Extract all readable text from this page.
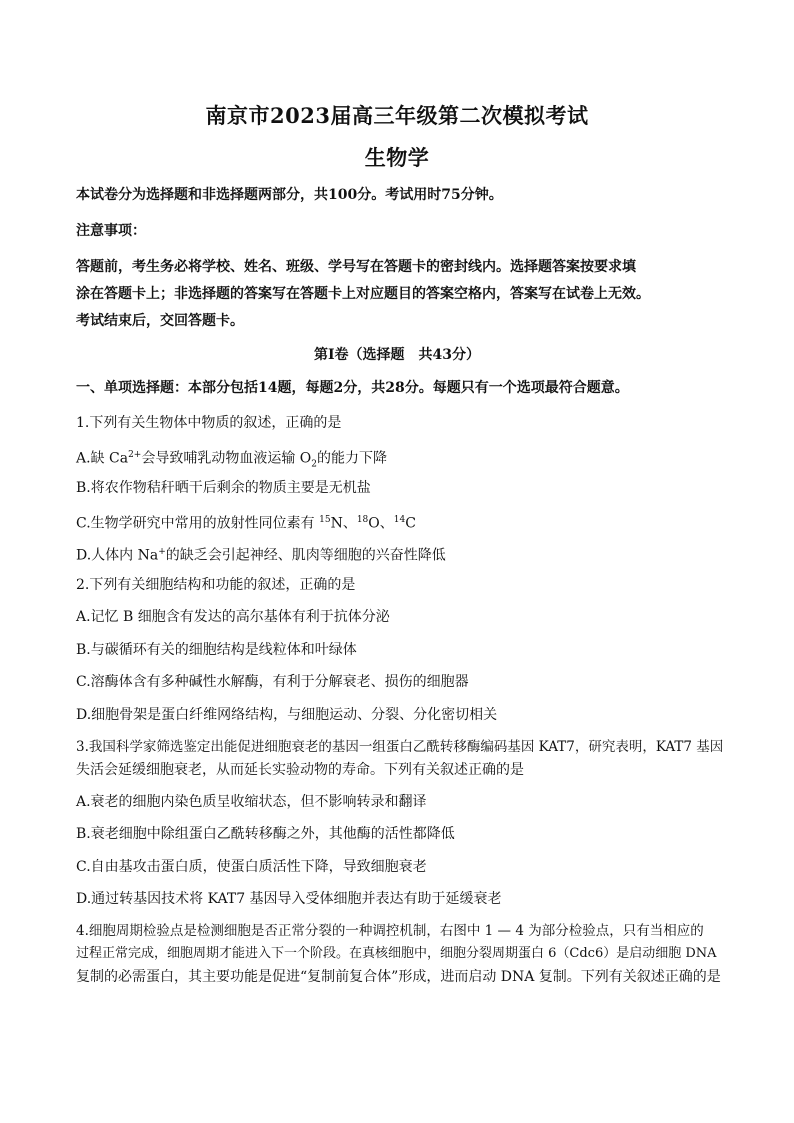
南京市2023届高三年级第二次模拟考试
生物学
本试卷分为选择题和非选择题两部分，共100分。考试用时75分钟。
注意事项：
答题前，考生务必将学校、姓名、班级、学号写在答题卡的密封线内。选择题答案按要求填
涂在答题卡上；非选择题的答案写在答题卡上对应题目的答案空格内，答案写在试卷上无效。
考试结束后，交回答题卡。
第Ⅰ卷（选择题　共43分）
一、单项选择题：本部分包括14题，每题2分，共28分。每题只有一个选项最符合题意。
1.下列有关生物体中物质的叙述，正确的是
A.缺 $Ca^{2+}$会导致哺乳动物血液运输 $O_2$的能力下降
B.将农作物秸秆晒干后剩余的物质主要是无机盐
C.生物学研究中常用的放射性同位素有 $^{15}$N、$^{18}$O、$^{14}$C
D.人体内 Na+的缺乏会引起神经、肌肉等细胞的兴奋性降低
2.下列有关细胞结构和功能的叙述，正确的是
A.记忆 B 细胞含有发达的高尔基体有利于抗体分泌
B.与碳循环有关的细胞结构是线粒体和叶绿体
C.溶酶体含有多种碱性水解酶，有利于分解衰老、损伤的细胞器
D.细胞骨架是蛋白纤维网络结构，与细胞运动、分裂、分化密切相关
3.我国科学家筛选鉴定出能促进细胞衰老的基因一组蛋白乙酰转移酶编码基因 KAT7，研究表明，KAT7 基因
失活会延缓细胞衰老，从而延长实验动物的寿命。下列有关叙述正确的是
A.衰老的细胞内染色质呈收缩状态，但不影响转录和翻译
B.衰老细胞中除组蛋白乙酰转移酶之外，其他酶的活性都降低
C.自由基攻击蛋白质，使蛋白质活性下降，导致细胞衰老
D.通过转基因技术将 KAT7 基因导入受体细胞并表达有助于延缓衰老
4.细胞周期检验点是检测细胞是否正常分裂的一种调控机制，右图中 1 — 4 为部分检验点，只有当相应的
过程正常完成，细胞周期才能进入下一个阶段。在真核细胞中，细胞分裂周期蛋白 6（Cdc6）是启动细胞 DNA
复制的必需蛋白，其主要功能是促进“复制前复合体”形成，进而启动 DNA 复制。下列有关叙述正确的是
